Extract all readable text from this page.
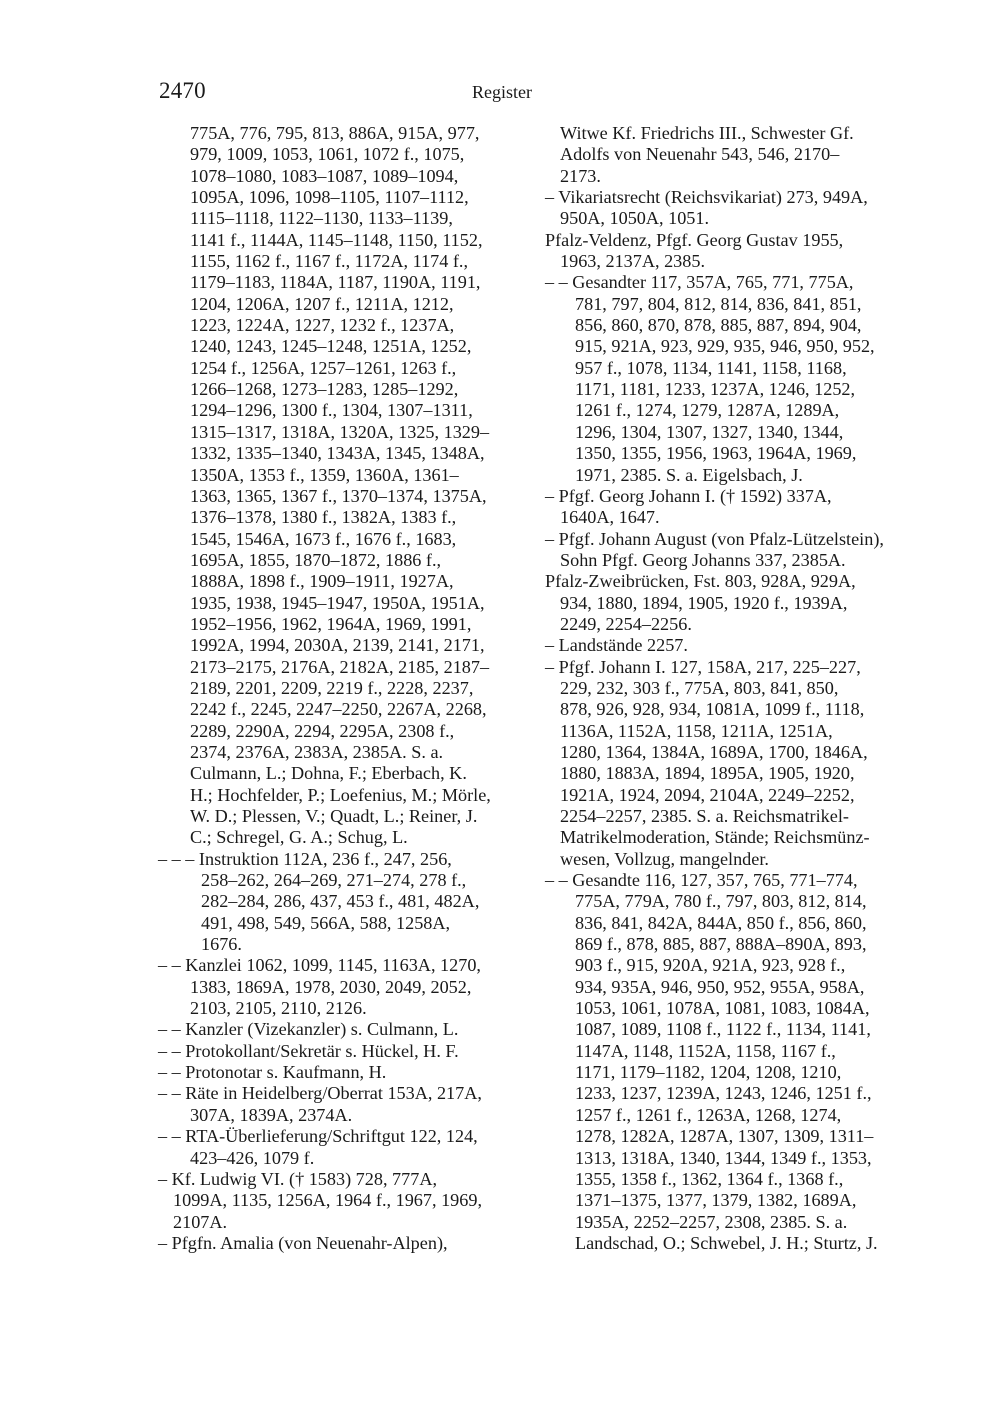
2470	Register
775A, 776, 795, 813, 886A, 915A, 977,
979, 1009, 1053, 1061, 1072 f., 1075,
1078–1080, 1083–1087, 1089–1094,
1095A, 1096, 1098–1105, 1107–1112,
1115–1118, 1122–1130, 1133–1139,
1141 f., 1144A, 1145–1148, 1150, 1152,
1155, 1162 f., 1167 f., 1172A, 1174 f.,
1179–1183, 1184A, 1187, 1190A, 1191,
1204, 1206A, 1207 f., 1211A, 1212,
1223, 1224A, 1227, 1232 f., 1237A,
1240, 1243, 1245–1248, 1251A, 1252,
1254 f., 1256A, 1257–1261, 1263 f.,
1266–1268, 1273–1283, 1285–1292,
1294–1296, 1300 f., 1304, 1307–1311,
1315–1317, 1318A, 1320A, 1325, 1329–
1332, 1335–1340, 1343A, 1345, 1348A,
1350A, 1353 f., 1359, 1360A, 1361–
1363, 1365, 1367 f., 1370–1374, 1375A,
1376–1378, 1380 f., 1382A, 1383 f.,
1545, 1546A, 1673 f., 1676 f., 1683,
1695A, 1855, 1870–1872, 1886 f.,
1888A, 1898 f., 1909–1911, 1927A,
1935, 1938, 1945–1947, 1950A, 1951A,
1952–1956, 1962, 1964A, 1969, 1991,
1992A, 1994, 2030A, 2139, 2141, 2171,
2173–2175, 2176A, 2182A, 2185, 2187–
2189, 2201, 2209, 2219 f., 2228, 2237,
2242 f., 2245, 2247–2250, 2267A, 2268,
2289, 2290A, 2294, 2295A, 2308 f.,
2374, 2376A, 2383A, 2385A. S. a.
Culmann, L.; Dohna, F.; Eberbach, K.
H.; Hochfelder, P.; Loefenius, M.; Mörle,
W. D.; Plessen, V.; Quadt, L.; Reiner, J.
C.; Schregel, G. A.; Schug, L.
– – – Instruktion 112A, 236 f., 247, 256,
258–262, 264–269, 271–274, 278 f.,
282–284, 286, 437, 453 f., 481, 482A,
491, 498, 549, 566A, 588, 1258A,
1676.
– – Kanzlei 1062, 1099, 1145, 1163A, 1270,
1383, 1869A, 1978, 2030, 2049, 2052,
2103, 2105, 2110, 2126.
– – Kanzler (Vizekanzler) s. Culmann, L.
– – Protokollant/Sekretär s. Hückel, H. F.
– – Protonotar s. Kaufmann, H.
– – Räte in Heidelberg/Oberrat 153A, 217A,
307A, 1839A, 2374A.
– – RTA-Überlieferung/Schriftgut 122, 124,
423–426, 1079 f.
– Kf. Ludwig VI. († 1583) 728, 777A,
1099A, 1135, 1256A, 1964 f., 1967, 1969,
2107A.
– Pfgfn. Amalia (von Neuenahr-Alpen),
Witwe Kf. Friedrichs III., Schwester Gf.
Adolfs von Neuenahr 543, 546, 2170–
2173.
– Vikariatsrecht (Reichsvikariat) 273, 949A,
950A, 1050A, 1051.
Pfalz-Veldenz, Pfgf. Georg Gustav 1955,
1963, 2137A, 2385.
– – Gesandter 117, 357A, 765, 771, 775A,
781, 797, 804, 812, 814, 836, 841, 851,
856, 860, 870, 878, 885, 887, 894, 904,
915, 921A, 923, 929, 935, 946, 950, 952,
957 f., 1078, 1134, 1141, 1158, 1168,
1171, 1181, 1233, 1237A, 1246, 1252,
1261 f., 1274, 1279, 1287A, 1289A,
1296, 1304, 1307, 1327, 1340, 1344,
1350, 1355, 1956, 1963, 1964A, 1969,
1971, 2385. S. a. Eigelsbach, J.
– Pfgf. Georg Johann I. († 1592) 337A,
1640A, 1647.
– Pfgf. Johann August (von Pfalz-Lützelstein),
Sohn Pfgf. Georg Johanns 337, 2385A.
Pfalz-Zweibrücken, Fst. 803, 928A, 929A,
934, 1880, 1894, 1905, 1920 f., 1939A,
2249, 2254–2256.
– Landstände 2257.
– Pfgf. Johann I. 127, 158A, 217, 225–227,
229, 232, 303 f., 775A, 803, 841, 850,
878, 926, 928, 934, 1081A, 1099 f., 1118,
1136A, 1152A, 1158, 1211A, 1251A,
1280, 1364, 1384A, 1689A, 1700, 1846A,
1880, 1883A, 1894, 1895A, 1905, 1920,
1921A, 1924, 2094, 2104A, 2249–2252,
2254–2257, 2385. S. a. Reichsmatrikel-
Matrikelmoderation, Stände; Reichsmünz-
wesen, Vollzug, mangelnder.
– – Gesandte 116, 127, 357, 765, 771–774,
775A, 779A, 780 f., 797, 803, 812, 814,
836, 841, 842A, 844A, 850 f., 856, 860,
869 f., 878, 885, 887, 888A–890A, 893,
903 f., 915, 920A, 921A, 923, 928 f.,
934, 935A, 946, 950, 952, 955A, 958A,
1053, 1061, 1078A, 1081, 1083, 1084A,
1087, 1089, 1108 f., 1122 f., 1134, 1141,
1147A, 1148, 1152A, 1158, 1167 f.,
1171, 1179–1182, 1204, 1208, 1210,
1233, 1237, 1239A, 1243, 1246, 1251 f.,
1257 f., 1261 f., 1263A, 1268, 1274,
1278, 1282A, 1287A, 1307, 1309, 1311–
1313, 1318A, 1340, 1344, 1349 f., 1353,
1355, 1358 f., 1362, 1364 f., 1368 f.,
1371–1375, 1377, 1379, 1382, 1689A,
1935A, 2252–2257, 2308, 2385. S. a.
Landschad, O.; Schwebel, J. H.; Sturtz, J.
